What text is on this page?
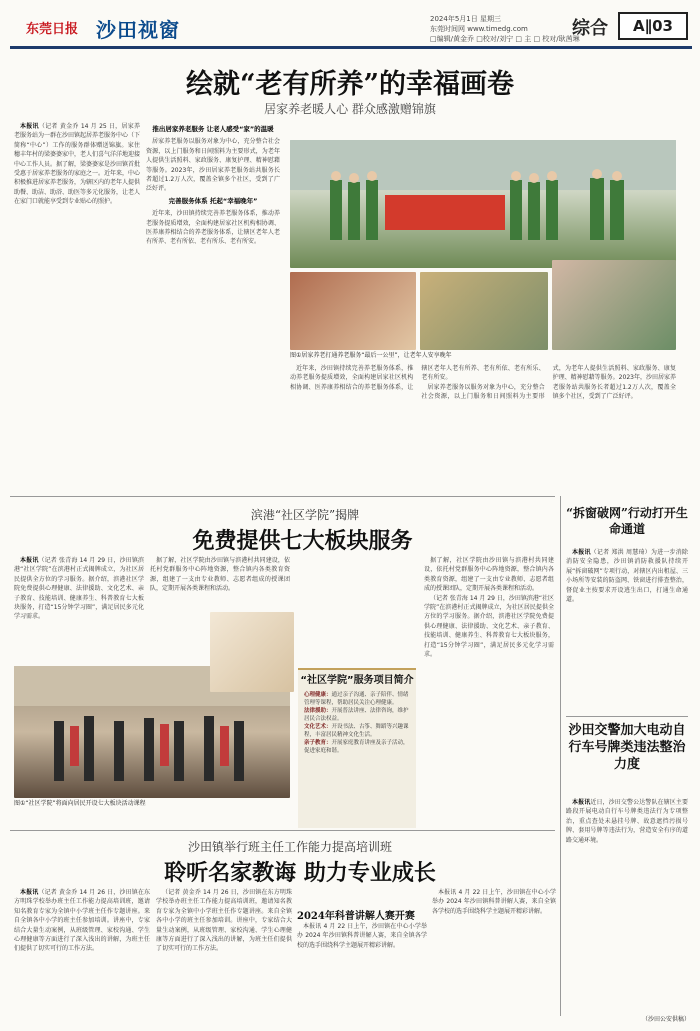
东莞日报 沙田视窗	2024年5月1日 星期三
东莞时间网 www.timedg.com
□编辑/黄金乔 □校对/刘宁 □ 主 □ 校对/耿茜琳
综合	A∥03
绘就“老有所养”的幸福画卷
居家养老暖人心 群众感激赠锦旗

本报讯（记者 黄金乔 14 月 25 日，居家养老服务站为一群在沙田镇起居养老服务中心（下简称“中心”）工作的服务群体赠送锦旗。家住穗丰年村的梁婆婆家中，老人们喜气洋洋地迎接中心工作人员。据了解，梁婆婆家是沙田镇首批受惠于居家养老服务的家庭之一。近年来，中心积极推进居家养老服务，为辖区内的老年人提供助餐、助洁、助浴、助医等多元化服务，让老人在家门口就能享受到专业贴心的照护。

推出居家养老服务 让老人感受“家”的温暖

居家养老服务以服务对象为中心，充分整合社会资源，以上门服务和日间照料为主要形式，为老年人提供生活照料、家政服务、康复护理、精神慰藉等服务。2023年，沙田居家养老服务站共服务长者超过1.2万人次，覆盖全镇多个社区，受到了广泛好评。

完善服务体系 托起“幸福晚年”

近年来，沙田镇持续完善养老服务体系，推动养老服务提质增效，全面构建居家社区机构相协调、医养康养相结合的养老服务体系，让辖区老年人老有所养、老有所依、老有所乐、老有所安。

图①居家养老打通养老服务“最后一公里”，让老年人安享晚年

近年来，沙田镇持续完善养老服务体系，推动养老服务提质增效，全面构建居家社区机构相协调、医养康养相结合的养老服务体系，让辖区老年人老有所养、老有所依、老有所乐、老有所安。

居家养老服务以服务对象为中心，充分整合社会资源，以上门服务和日间照料为主要形式，为老年人提供生活照料、家政服务、康复护理、精神慰藉等服务。2023年，沙田居家养老服务站共服务长者超过1.2万人次，覆盖全镇多个社区，受到了广泛好评。

滨港“社区学院”揭牌
免费提供七大板块服务

本报讯（记者 张青海 14 月 29 日，沙田镇滨港“社区学院”在滨港村正式揭牌成立，为社区居民提供全方位的学习服务。据介绍，滨港社区学院免费提供心理健康、法律援助、文化艺术、亲子教育、技能培训、健康养生、科普教育七大板块服务，打造“15分钟学习圈”，满足居民多元化学习需求。

据了解，社区学院由沙田镇与滨港村共同建设，依托村党群服务中心阵地资源，整合镇内各类教育资源，组建了一支由专业教师、志愿者组成的授课团队，定期开展各类课程和活动。

图①“社区学院”将面向居民开设七大板块活动课程
“社区学院”服务项目简介

心理健康：通过亲子沟通、亲子陪伴、情绪管理等课程，帮助居民关注心理健康。

法律援助：开展普法讲座、法律咨询，维护居民合法权益。

文化艺术：开设书法、古筝、舞蹈等兴趣课程，丰富居民精神文化生活。

亲子教育：开展家庭教育讲座及亲子活动，促进家庭和谐。

据了解，社区学院由沙田镇与滨港村共同建设，依托村党群服务中心阵地资源，整合镇内各类教育资源，组建了一支由专业教师、志愿者组成的授课团队，定期开展各类课程和活动。

（记者 张青海 14 月 29 日，沙田镇滨港“社区学院”在滨港村正式揭牌成立，为社区居民提供全方位的学习服务。据介绍，滨港社区学院免费提供心理健康、法律援助、文化艺术、亲子教育、技能培训、健康养生、科普教育七大板块服务，打造“15分钟学习圈”，满足居民多元化学习需求。

沙田镇举行班主任工作能力提高培训班
聆听名家教诲 助力专业成长

本报讯（记者 黄金乔 14 月 26 日，沙田镇在东方明珠学校举办班主任工作能力提高培训班，邀请知名教育专家为全镇中小学班主任作专题讲座。来自全镇各中小学的班主任参加培训。讲座中，专家结合大量生动案例，从班级管理、家校沟通、学生心理健康等方面进行了深入浅出的讲解，为班主任们提供了切实可行的工作方法。

（记者 黄金乔 14 月 26 日，沙田镇在东方明珠学校举办班主任工作能力提高培训班，邀请知名教育专家为全镇中小学班主任作专题讲座。来自全镇各中小学的班主任参加培训。讲座中，专家结合大量生动案例，从班级管理、家校沟通、学生心理健康等方面进行了深入浅出的讲解，为班主任们提供了切实可行的工作方法。

2024年科普讲解人赛开赛

本报讯 4 月 22 日上午，沙田镇在中心小学举办 2024 年沙田镇科普讲解人赛，来自全镇各学校的选手围绕科学主题展开精彩讲解。

本报讯 4 月 22 日上午，沙田镇在中心小学举办 2024 年沙田镇科普讲解人赛，来自全镇各学校的选手围绕科学主题展开精彩讲解。

“拆窗破网”行动打开生命通道

本报讯（记者 郑洪 周慧琦）为进一步消除消防安全隐患，沙田镇消防救援队持续开展“拆窗破网”专项行动，对辖区内出租屋、三小场所等安装的防盗网、铁窗进行排查整治，督促业主按要求开设逃生出口，打通生命通道。

沙田交警加大电动自行车号牌类违法整治力度

本报讯近日，沙田交警公达警队在辖区主要路段开展电动自行车号牌类违法行为专项整治，重点查处未悬挂号牌、故意遮挡污损号牌、套用号牌等违法行为，营造安全有序的道路交通环境。

（沙田公安供稿）
